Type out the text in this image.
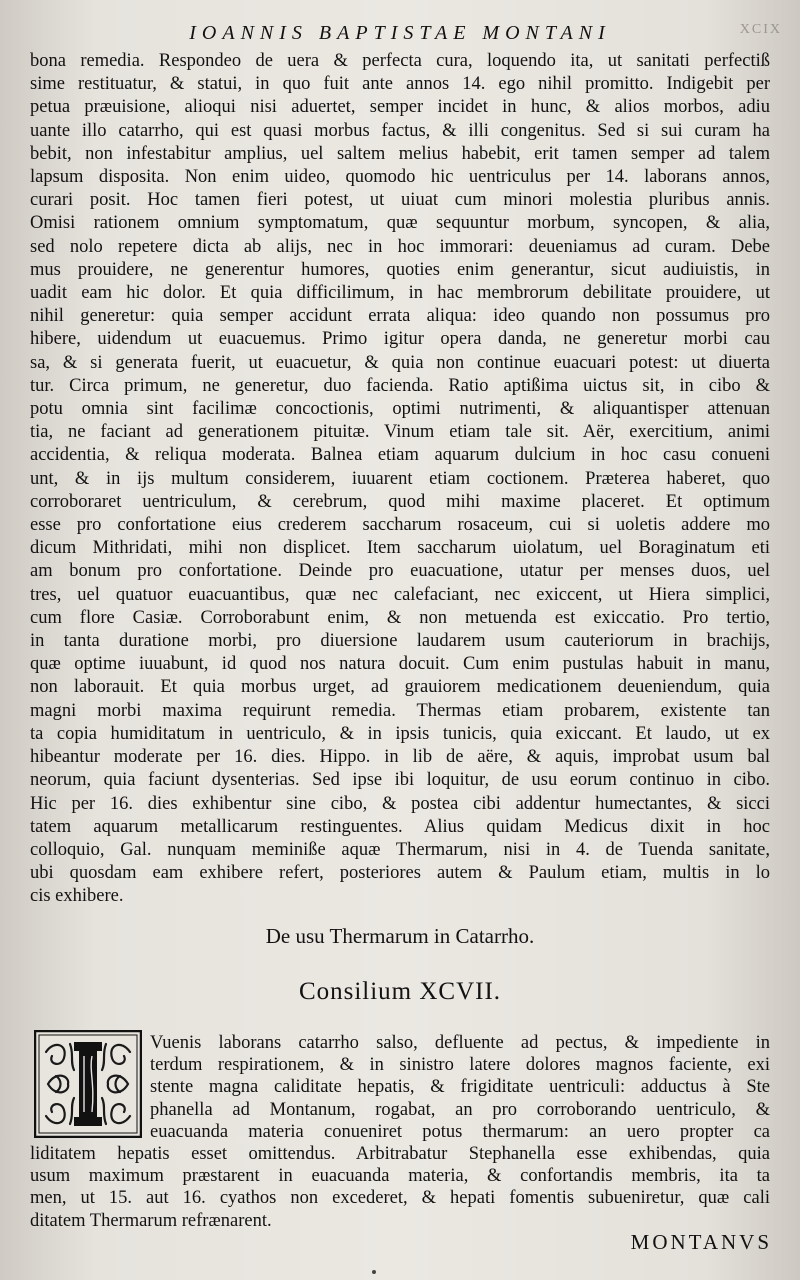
IOANNIS BAPTISTAE MONTANI	XCIX
bona remedia. Respondeo de uera & perfecta cura, loquendo ita, ut sanitati perfectiß
sime restituatur, & statui, in quo fuit ante annos 14. ego nihil promitto. Indigebit per
petua præuisione, alioqui nisi aduertet, semper incidet in hunc, & alios morbos, adiu
uante illo catarrho, qui est quasi morbus factus, & illi congenitus. Sed si sui curam ha
bebit, non infestabitur amplius, uel saltem melius habebit, erit tamen semper ad talem
lapsum disposita. Non enim uideo, quomodo hic uentriculus per 14. laborans annos,
curari posit. Hoc tamen fieri potest, ut uiuat cum minori molestia pluribus annis.
Omisi rationem omnium symptomatum, quæ sequuntur morbum, syncopen, & alia,
sed nolo repetere dicta ab alijs, nec in hoc immorari: deueniamus ad curam. Debe
mus prouidere, ne generentur humores, quoties enim generantur, sicut audiuistis, in
uadit eam hic dolor. Et quia difficilimum, in hac membrorum debilitate prouidere, ut
nihil generetur: quia semper accidunt errata aliqua: ideo quando non possumus pro
hibere, uidendum ut euacuemus. Primo igitur opera danda, ne generetur morbi cau
sa, & si generata fuerit, ut euacuetur, & quia non continue euacuari potest: ut diuerta
tur. Circa primum, ne generetur, duo facienda. Ratio aptißima uictus sit, in cibo &
potu omnia sint facilimæ concoctionis, optimi nutrimenti, & aliquantisper attenuan
tia, ne faciant ad generationem pituitæ. Vinum etiam tale sit. Aër, exercitium, animi
accidentia, & reliqua moderata. Balnea etiam aquarum dulcium in hoc casu conueni
unt, & in ijs multum considerem, iuuarent etiam coctionem. Præterea haberet, quo
corroboraret uentriculum, & cerebrum, quod mihi maxime placeret. Et optimum
esse pro confortatione eius crederem saccharum rosaceum, cui si uoletis addere mo
dicum Mithridati, mihi non displicet. Item saccharum uiolatum, uel Boraginatum eti
am bonum pro confortatione. Deinde pro euacuatione, utatur per menses duos, uel
tres, uel quatuor euacuantibus, quæ nec calefaciant, nec exiccent, ut Hiera simplici,
cum flore Casiæ. Corroborabunt enim, & non metuenda est exiccatio. Pro tertio,
in tanta duratione morbi, pro diuersione laudarem usum cauteriorum in brachijs,
quæ optime iuuabunt, id quod nos natura docuit. Cum enim pustulas habuit in manu,
non laborauit. Et quia morbus urget, ad grauiorem medicationem deueniendum, quia
magni morbi maxima requirunt remedia. Thermas etiam probarem, existente tan
ta copia humiditatum in uentriculo, & in ipsis tunicis, quia exiccant. Et laudo, ut ex
hibeantur moderate per 16. dies. Hippo. in lib de aëre, & aquis, improbat usum bal
neorum, quia faciunt dysenterias. Sed ipse ibi loquitur, de usu eorum continuo in cibo.
Hic per 16. dies exhibentur sine cibo, & postea cibi addentur humectantes, & sicci
tatem aquarum metallicarum restinguentes. Alius quidam Medicus dixit in hoc
colloquio, Gal. nunquam meminiße aquæ Thermarum, nisi in 4. de Tuenda sanitate,
ubi quosdam eam exhibere refert, posteriores autem & Paulum etiam, multis in lo
cis exhibere.
De usu Thermarum in Catarrho.
Consilium XCVII.
Vuenis laborans catarrho salso, defluente ad pectus, & impediente in
terdum respirationem, & in sinistro latere dolores magnos faciente, exi
stente magna caliditate hepatis, & frigiditate uentriculi: adductus à Ste
phanella ad Montanum, rogabat, an pro corroborando uentriculo, &
euacuanda materia conueniret potus thermarum: an uero propter ca
liditatem hepatis esset omittendus. Arbitrabatur Stephanella esse exhibendas, quia
usum maximum præstarent in euacuanda materia, & confortandis membris, ita ta
men, ut 15. aut 16. cyathos non excederet, & hepati fomentis subueniretur, quæ cali
ditatem Thermarum refrænarent.
MONTANVS
